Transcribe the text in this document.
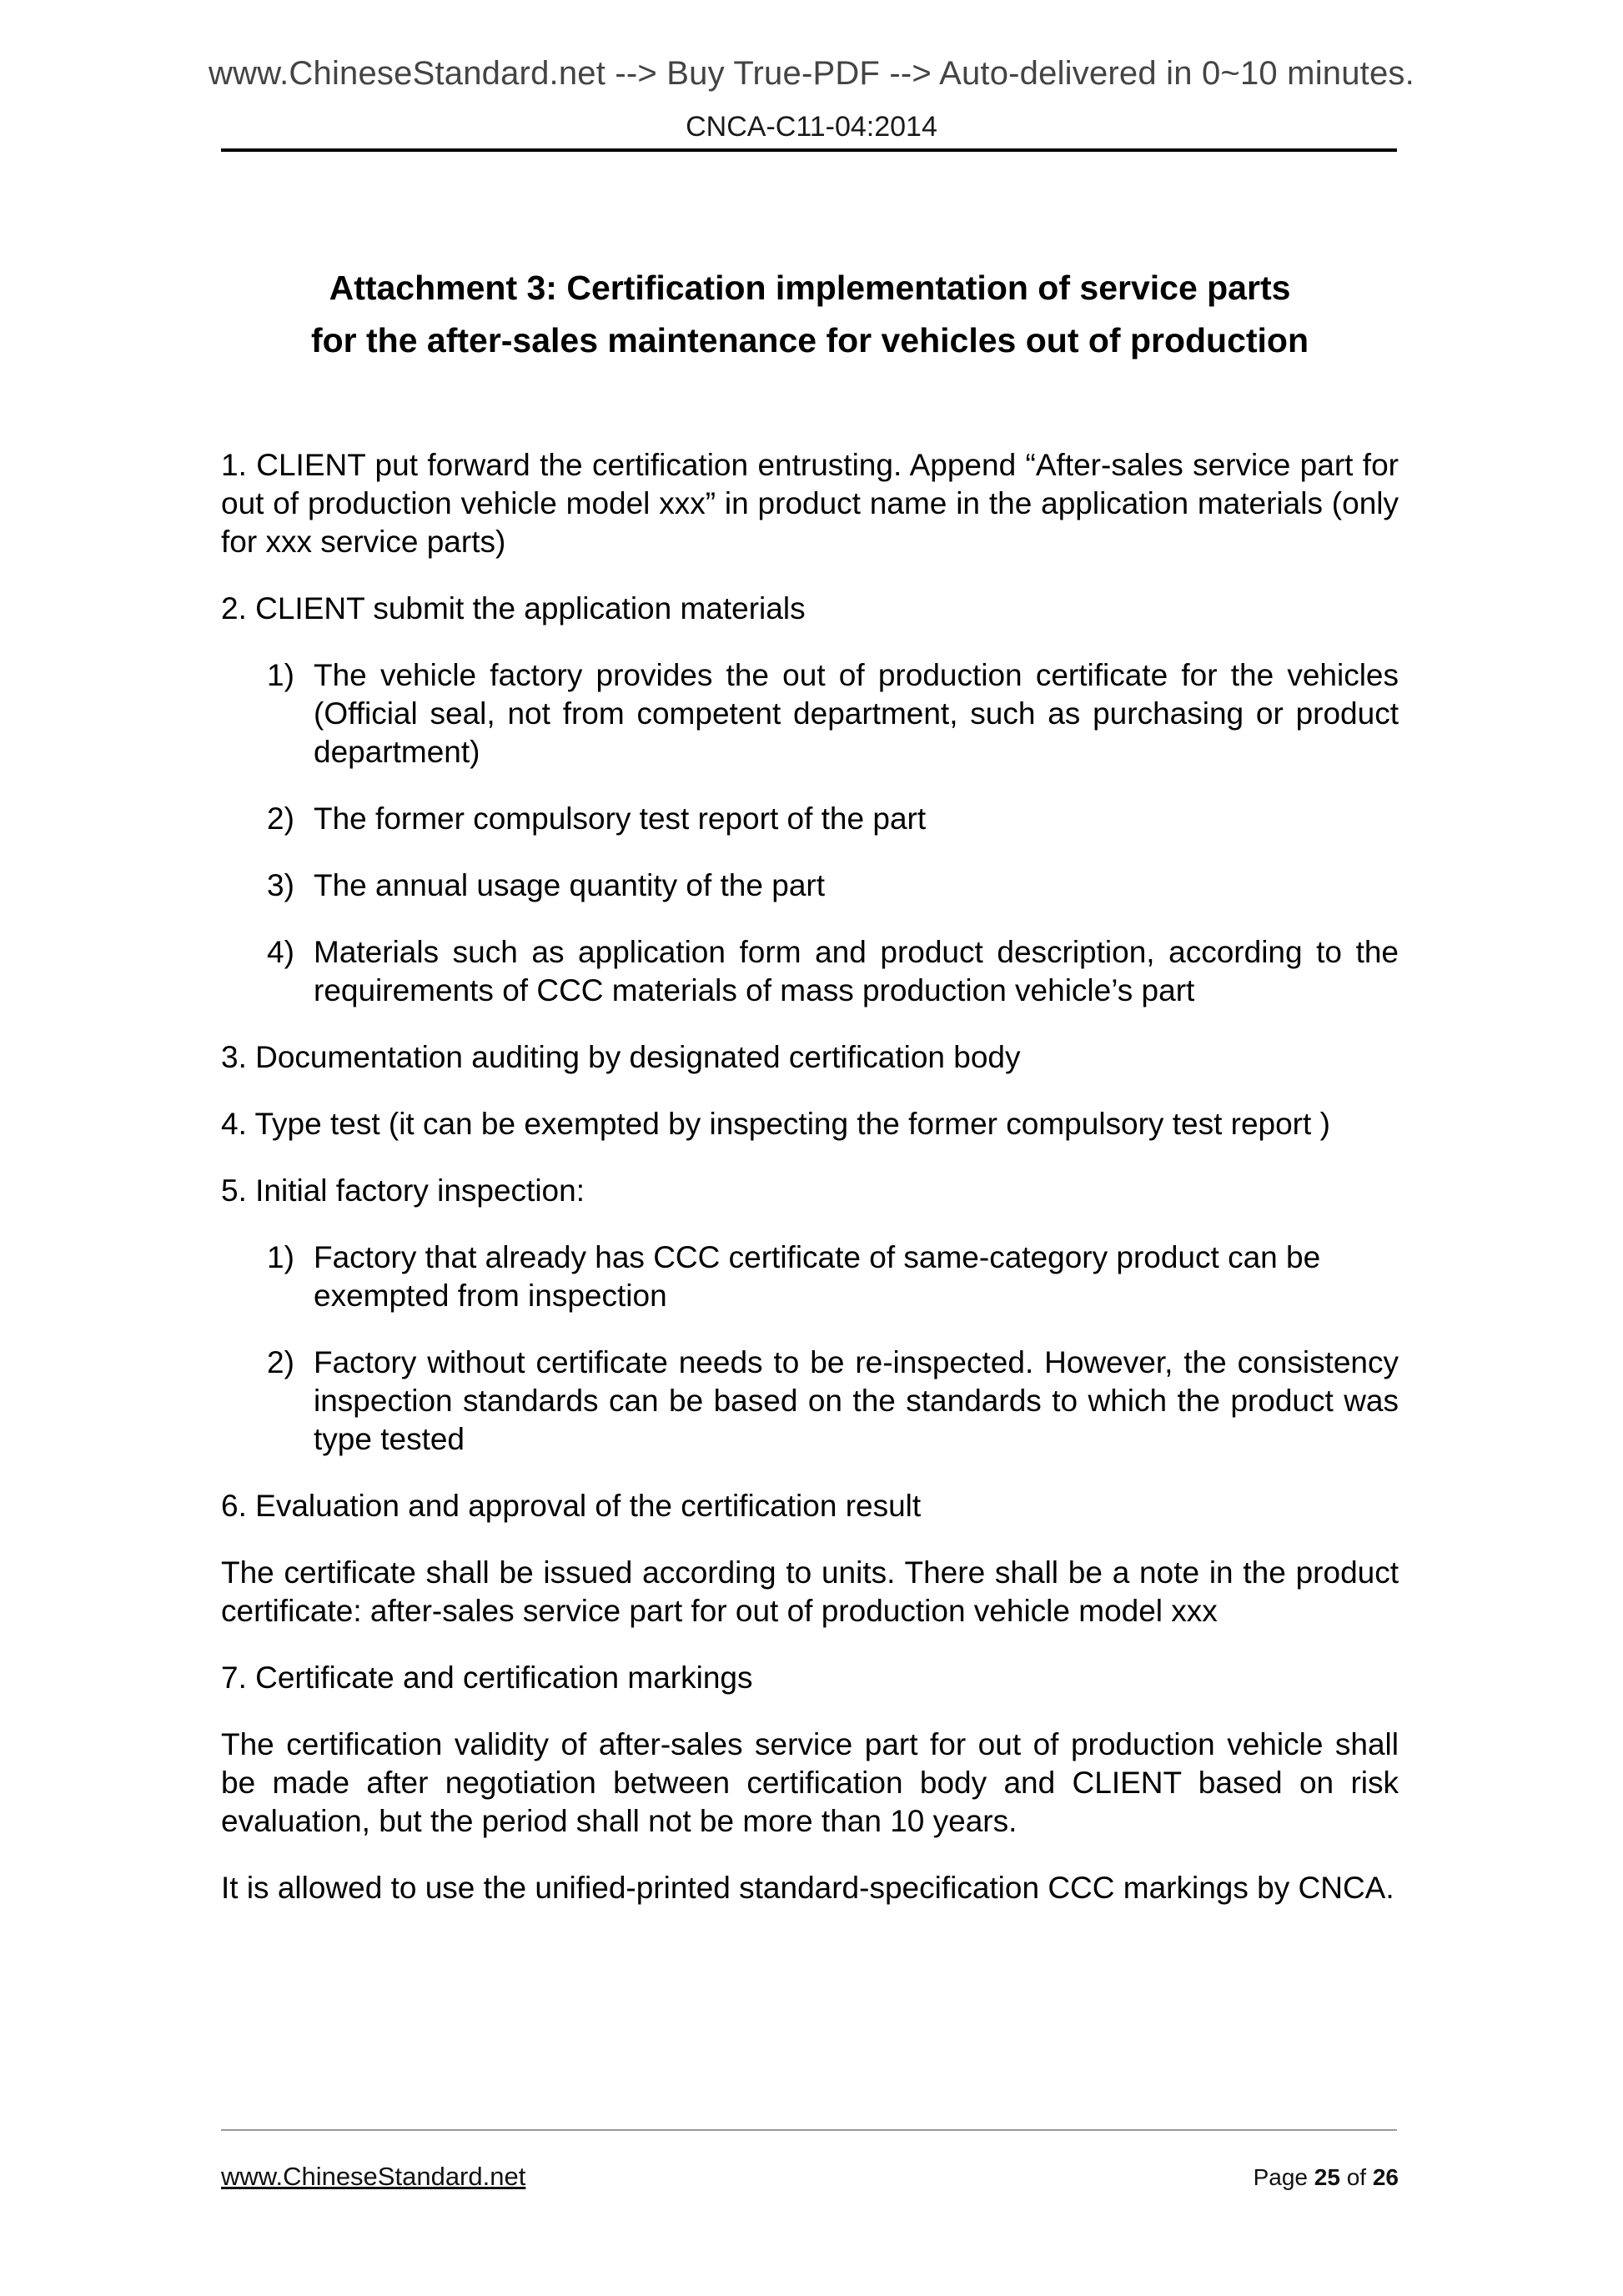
www.ChineseStandard.net --> Buy True-PDF --> Auto-delivered in 0~10 minutes.
CNCA-C11-04:2014
Attachment 3: Certification implementation of service parts
for the after-sales maintenance for vehicles out of production

1. CLIENT put forward the certification entrusting. Append “After-sales service part for out of production vehicle model xxx” in product name in the application materials (only for xxx service parts)

2. CLIENT submit the application materials

1) The vehicle factory provides the out of production certificate for the vehicles (Official seal, not from competent department, such as purchasing or product department)
2) The former compulsory test report of the part
3) The annual usage quantity of the part
4) Materials such as application form and product description, according to the requirements of CCC materials of mass production vehicle’s part

3. Documentation auditing by designated certification body

4. Type test (it can be exempted by inspecting the former compulsory test report )

5. Initial factory inspection:

1) Factory that already has CCC certificate of same-category product can be exempted from inspection
2) Factory without certificate needs to be re-inspected. However, the consistency inspection standards can be based on the standards to which the product was type tested

6. Evaluation and approval of the certification result

The certificate shall be issued according to units. There shall be a note in the product certificate: after-sales service part for out of production vehicle model xxx

7. Certificate and certification markings

The certification validity of after-sales service part for out of production vehicle shall be made after negotiation between certification body and CLIENT based on risk evaluation, but the period shall not be more than 10 years.

It is allowed to use the unified-printed standard-specification CCC markings by CNCA.

www.ChineseStandard.net	Page 25 of 26
